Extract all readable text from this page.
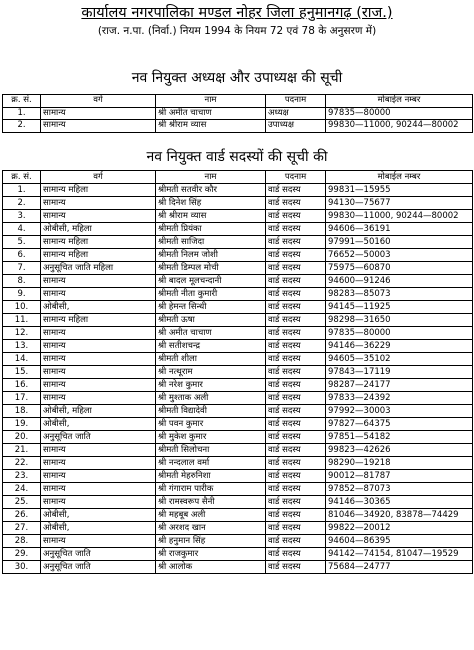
कार्यालय नगरपालिका मण्डल नोहर जिला हनुमानगढ़ (राज.)
(राज. न.पा. (निर्वा.) नियम 1994 के नियम 72 एवं 78 के अनुसरण में)
नव नियुक्त अध्यक्ष और उपाध्यक्ष की सूची
क्र. सं.	वर्ग	नाम	पदनाम	मोबाईल नम्बर
1.	सामान्य	श्री अमीत चाचाण	अध्यक्ष	97835—80000
2.	सामान्य	श्री श्रीराम व्यास	उपाध्यक्ष	99830—11000, 90244—80002
नव नियुक्त वार्ड सदस्यों की सूची की
क्र. सं.	वर्ग	नाम	पदनाम	मोबाईल नम्बर
1.	सामान्य महिला	श्रीमती सतवीर कौर	वार्ड सदस्य	99831—15955
2.	सामान्य	श्री दिनेश सिंह	वार्ड सदस्य	94130—75677
3.	सामान्य	श्री श्रीराम व्यास	वार्ड सदस्य	99830—11000, 90244—80002
4.	ओबीसी, महिला	श्रीमती प्रियंका	वार्ड सदस्य	94606—36191
5.	सामान्य महिला	श्रीमती साजिदा	वार्ड सदस्य	97991—50160
6.	सामान्य महिला	श्रीमती निलम जोशी	वार्ड सदस्य	76652—50003
7.	अनुसूचित जाति महिला	श्रीमती डिम्पल मोची	वार्ड सदस्य	75975—60870
8.	सामान्य	श्री बादल मूलचन्दानी	वार्ड सदस्य	94600—91246
9.	सामान्य	श्रीमती नीता कुमारी	वार्ड सदस्य	98283—85073
10.	ओबीसी,	श्री हेमन्त सिन्धी	वार्ड सदस्य	94145—11925
11.	सामान्य महिला	श्रीमती ऊषा	वार्ड सदस्य	98298—31650
12.	सामान्य	श्री अमीत चाचाण	वार्ड सदस्य	97835—80000
13.	सामान्य	श्री सतीशचन्द्र	वार्ड सदस्य	94146—36229
14.	सामान्य	श्रीमती शीला	वार्ड सदस्य	94605—35102
15.	सामान्य	श्री नत्थूराम	वार्ड सदस्य	97843—17119
16.	सामान्य	श्री नरेश कुमार	वार्ड सदस्य	98287—24177
17.	सामान्य	श्री मुश्ताक अली	वार्ड सदस्य	97833—24392
18.	ओबीसी, महिला	श्रीमती विद्यादेवी	वार्ड सदस्य	97992—30003
19.	ओबीसी,	श्री पवन कुमार	वार्ड सदस्य	97827—64375
20.	अनुसूचित जाति	श्री मुकेश कुमार	वार्ड सदस्य	97851—54182
21.	सामान्य	श्रीमती सिलोचना	वार्ड सदस्य	99823—42626
22.	सामान्य	श्री नन्दलाल वर्मा	वार्ड सदस्य	98290—19218
23.	सामान्य	श्रीमती मेहरुनिशा	वार्ड सदस्य	90012—81787
24.	सामान्य	श्री गंगाराम पारीक	वार्ड सदस्य	97852—87073
25.	सामान्य	श्री रामस्वरूप सैनी	वार्ड सदस्य	94146—30365
26.	ओबीसी,	श्री महबूब अली	वार्ड सदस्य	81046—34920, 83878—74429
27.	ओबीसी,	श्री अरशद खान	वार्ड सदस्य	99822—20012
28.	सामान्य	श्री हनुमान सिंह	वार्ड सदस्य	94604—86395
29.	अनुसूचित जाति	श्री राजकुमार	वार्ड सदस्य	94142—74154, 81047—19529
30.	अनुसूचित जाति	श्री आलोक	वार्ड सदस्य	75684—24777
